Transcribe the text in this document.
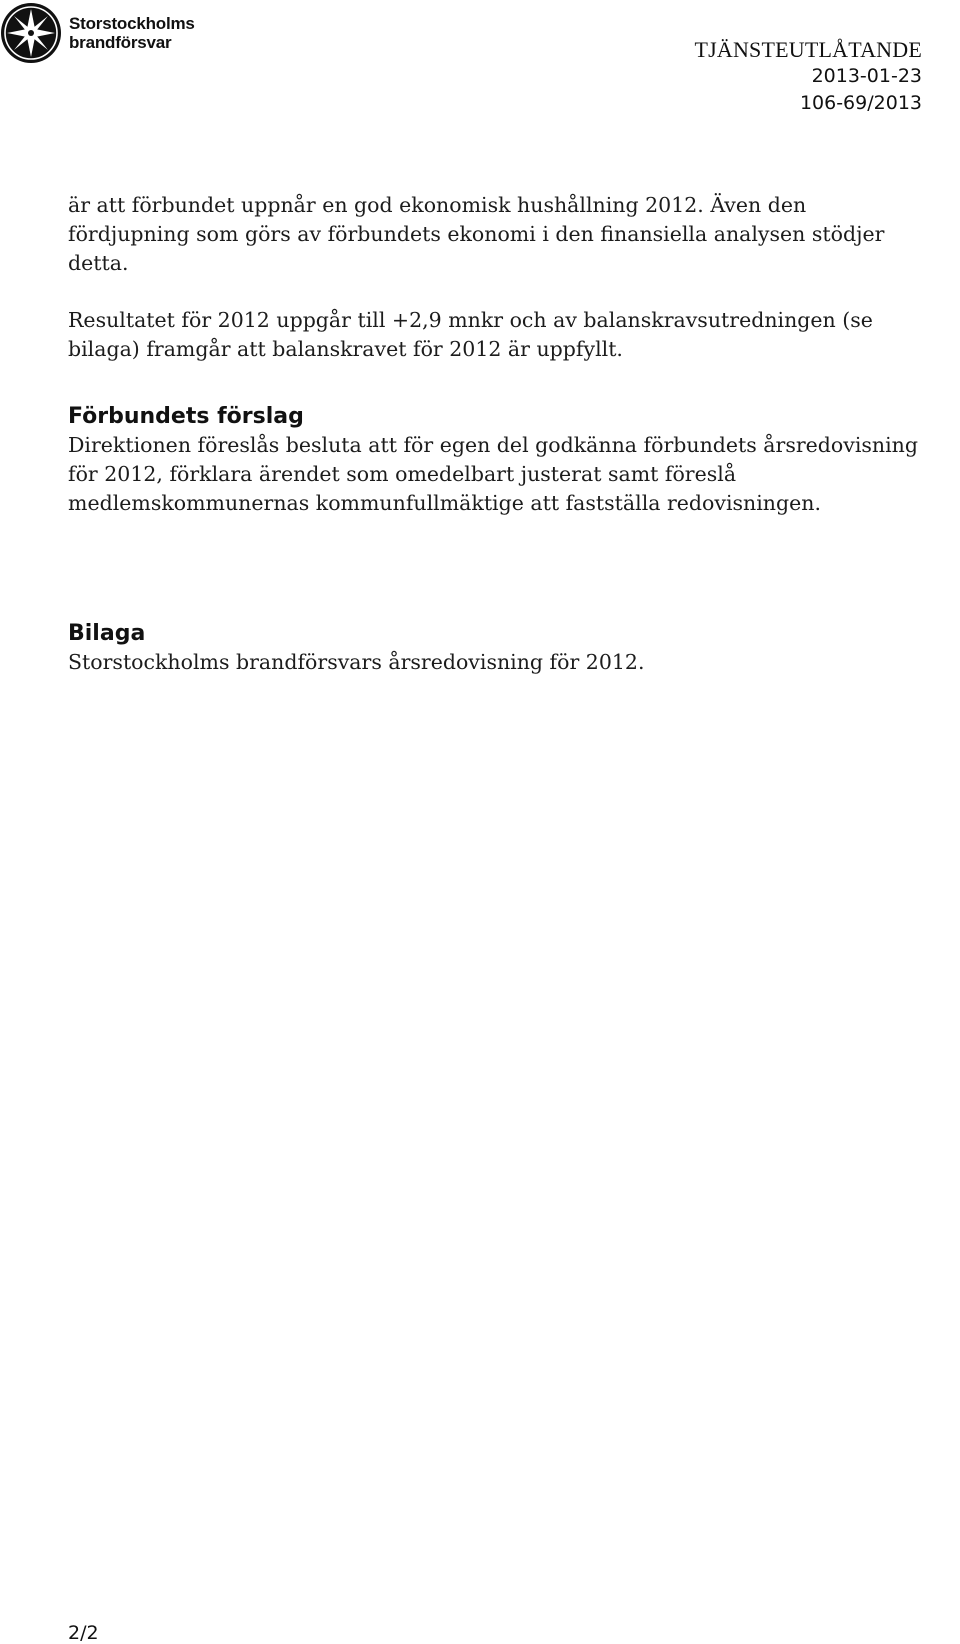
Storstockholms
brandförsvar	TJÄNSTEUTLÅTANDE
2013-01-23
106-69/2013

är att förbundet uppnår en god ekonomisk hushållning 2012. Även den fördjupning som görs av förbundets ekonomi i den finansiella analysen stödjer detta.

Resultatet för 2012 uppgår till +2,9 mnkr och av balanskravsutredningen (se bilaga) framgår att balanskravet för 2012 är uppfyllt.

Förbundets förslag

Direktionen föreslås besluta att för egen del godkänna förbundets årsredovisning för 2012, förklara ärendet som omedelbart justerat samt föreslå medlemskommunernas kommunfullmäktige att fastställa redovisningen.

Bilaga

Storstockholms brandförsvars årsredovisning för 2012.

2/2
